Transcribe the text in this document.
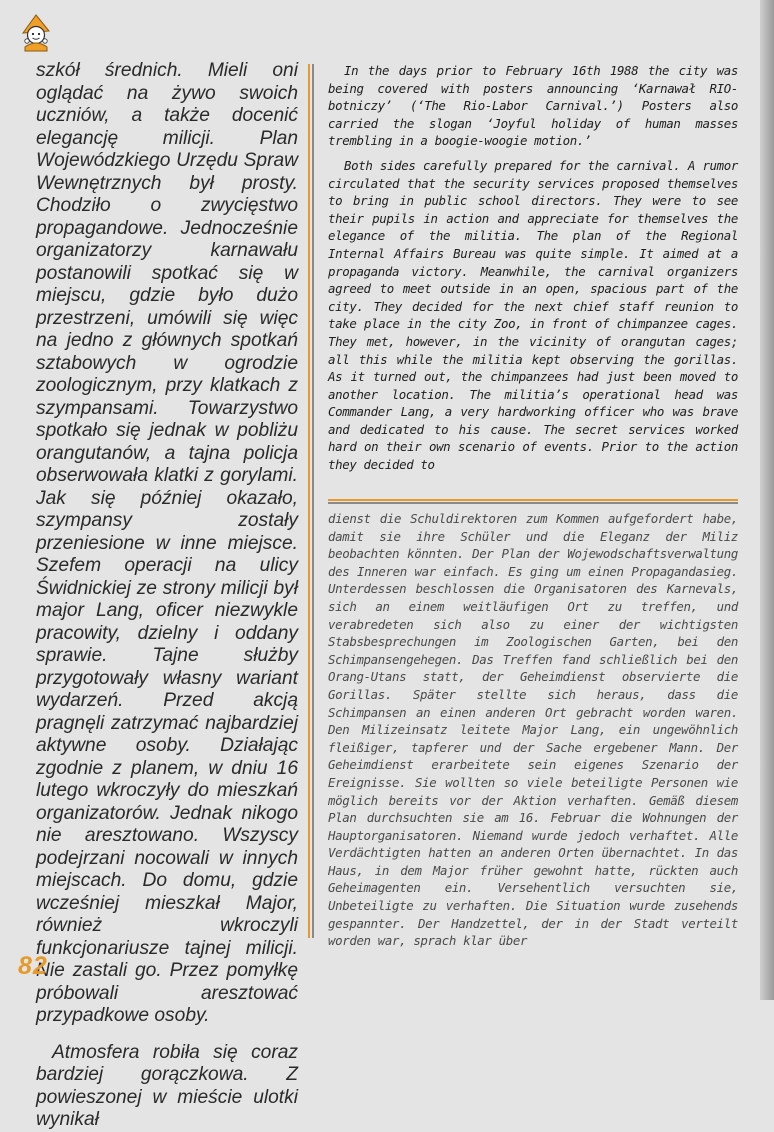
szkół średnich. Mieli oni oglądać na żywo swoich uczniów, a także docenić elegancję milicji. Plan Wojewódzkiego Urzędu Spraw Wewnętrznych był prosty. Chodziło o zwycięstwo propagandowe. Jednocześnie organizatorzy karnawału postanowili spotkać się w miejscu, gdzie było dużo przestrzeni, umówili się więc na jedno z głównych spotkań sztabowych w ogrodzie zoologicznym, przy klatkach z szympansami. Towarzystwo spotkało się jednak w pobliżu orangutanów, a tajna policja obserwowała klatki z gorylami. Jak się później okazało, szympansy zostały przeniesione w inne miejsce. Szefem operacji na ulicy Świdnickiej ze strony milicji był major Lang, oficer niezwykle pracowity, dzielny i oddany sprawie. Tajne służby przygotowały własny wariant wydarzeń. Przed akcją pragnęli zatrzymać najbardziej aktywne osoby. Działając zgodnie z planem, w dniu 16 lutego wkroczyły do mieszkań organizatorów. Jednak nikogo nie aresztowano. Wszyscy podejrzani nocowali w innych miejscach. Do domu, gdzie wcześniej mieszkał Major, również wkroczyli funkcjonariusze tajnej milicji. Nie zastali go. Przez pomyłkę próbowali aresztować przypadkowe osoby.

Atmosfera robiła się coraz bardziej gorączkowa. Z powieszonej w mieście ulotki wynikał

In the days prior to February 16th 1988 the city was being covered with posters announcing ‘Karnawał RIO-botniczy’ (‘The Rio-Labor Carnival.’) Posters also carried the slogan ‘Joyful holiday of human masses trembling in a boogie-woogie motion.’

Both sides carefully prepared for the carnival. A rumor circulated that the security services proposed themselves to bring in public school directors. They were to see their pupils in action and appreciate for themselves the elegance of the militia. The plan of the Regional Internal Affairs Bureau was quite simple. It aimed at a propaganda victory. Meanwhile, the carnival organizers agreed to meet outside in an open, spacious part of the city. They decided for the next chief staff reunion to take place in the city Zoo, in front of chimpanzee cages. They met, however, in the vicinity of orangutan cages; all this while the militia kept observing the gorillas. As it turned out, the chimpanzees had just been moved to another location. The militia’s operational head was Commander Lang, a very hardworking officer who was brave and dedicated to his cause. The secret services worked hard on their own scenario of events. Prior to the action they decided to

dienst die Schuldirektoren zum Kommen aufgefordert habe, damit sie ihre Schüler und die Eleganz der Miliz beobachten könnten. Der Plan der Wojewodschaftsverwaltung des Inneren war einfach. Es ging um einen Propagandasieg. Unterdessen beschlossen die Organisatoren des Karnevals, sich an einem weitläufigen Ort zu treffen, und verabredeten sich also zu einer der wichtigsten Stabsbesprechungen im Zoologischen Garten, bei den Schimpansengehegen. Das Treffen fand schließlich bei den Orang-Utans statt, der Geheimdienst observierte die Gorillas. Später stellte sich heraus, dass die Schimpansen an einen anderen Ort gebracht worden waren. Den Milizeinsatz leitete Major Lang, ein ungewöhnlich fleißiger, tapferer und der Sache ergebener Mann. Der Geheimdienst erarbeitete sein eigenes Szenario der Ereignisse. Sie wollten so viele beteiligte Personen wie möglich bereits vor der Aktion verhaften. Gemäß diesem Plan durchsuchten sie am 16. Februar die Wohnungen der Hauptorganisatoren. Niemand wurde jedoch verhaftet. Alle Verdächtigten hatten an anderen Orten übernachtet. In das Haus, in dem Major früher gewohnt hatte, rückten auch Geheimagenten ein. Versehentlich versuchten sie, Unbeteiligte zu verhaften. Die Situation wurde zusehends gespannter. Der Handzettel, der in der Stadt verteilt worden war, sprach klar über

82
